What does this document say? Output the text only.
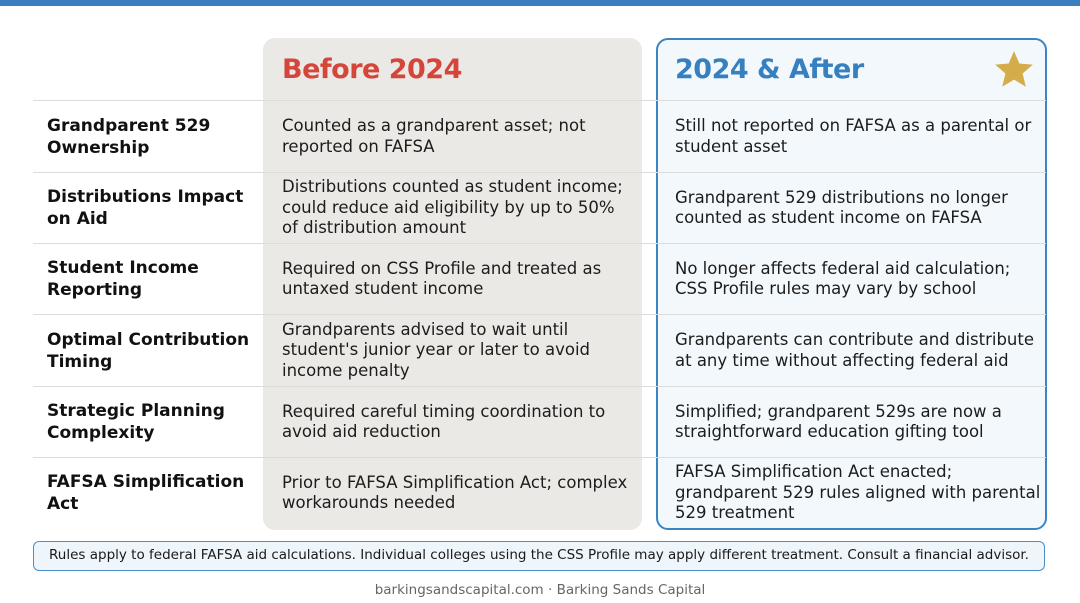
Before 2024	2024 & After
Grandparent 529 Ownership
Counted as a grandparent asset; not reported on FAFSA
Still not reported on FAFSA as a parental or student asset
Distributions Impact on Aid
Distributions counted as student income; could reduce aid eligibility by up to 50% of distribution amount
Grandparent 529 distributions no longer counted as student income on FAFSA
Student Income Reporting
Required on CSS Profile and treated as untaxed student income
No longer affects federal aid calculation; CSS Profile rules may vary by school
Optimal Contribution Timing
Grandparents advised to wait until student's junior year or later to avoid income penalty
Grandparents can contribute and distribute at any time without affecting federal aid
Strategic Planning Complexity
Required careful timing coordination to avoid aid reduction
Simplified; grandparent 529s are now a straightforward education gifting tool
FAFSA Simplification Act
Prior to FAFSA Simplification Act; complex workarounds needed
FAFSA Simplification Act enacted; grandparent 529 rules aligned with parental 529 treatment
Rules apply to federal FAFSA aid calculations. Individual colleges using the CSS Profile may apply different treatment. Consult a financial advisor.
barkingsandscapital.com · Barking Sands Capital
